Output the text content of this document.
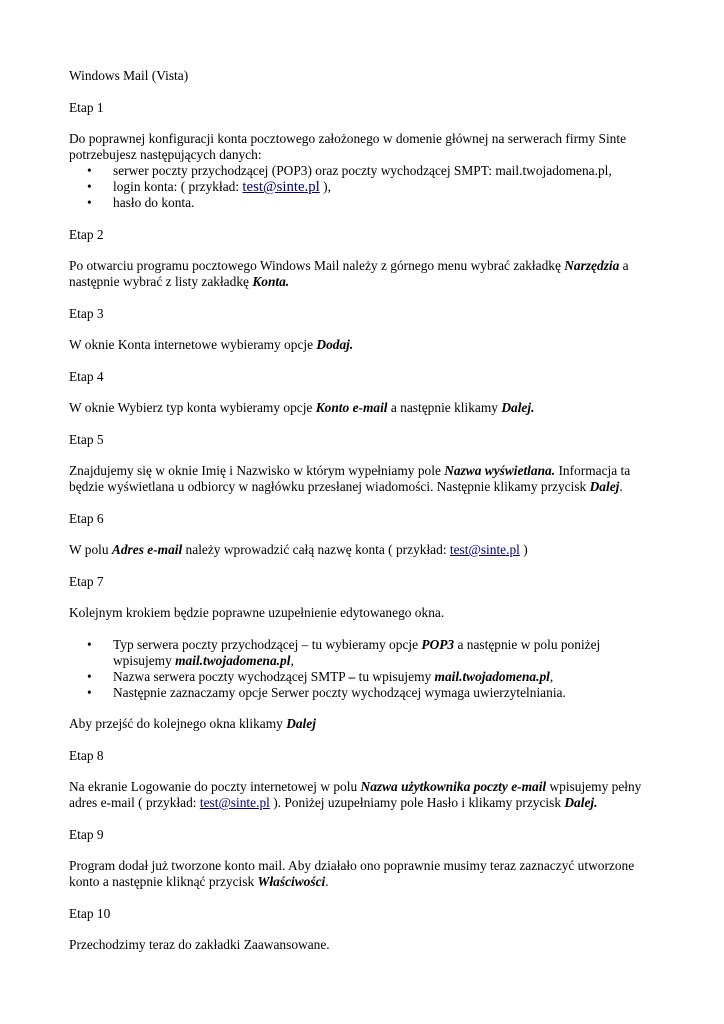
Windows Mail (Vista)

Etap 1

Do poprawnej konfiguracji konta pocztowego założonego w domenie głównej na serwerach firmy Sinte potrzebujesz następujących danych:

• serwer poczty przychodzącej (POP3) oraz poczty wychodzącej SMPT: mail.twojadomena.pl,
• login konta: ( przykład: test@sinte.pl ),
• hasło do konta.

Etap 2

Po otwarciu programu pocztowego Windows Mail należy z górnego menu wybrać zakładkę Narzędzia a następnie wybrać z listy zakładkę Konta.

Etap 3

W oknie Konta internetowe wybieramy opcje Dodaj.

Etap 4

W oknie Wybierz typ konta wybieramy opcje Konto e-mail a następnie klikamy Dalej.

Etap 5

Znajdujemy się w oknie Imię i Nazwisko w którym wypełniamy pole Nazwa wyświetlana. Informacja ta będzie wyświetlana u odbiorcy w nagłówku przesłanej wiadomości. Następnie klikamy przycisk Dalej.

Etap 6

W polu Adres e-mail należy wprowadzić całą nazwę konta ( przykład: test@sinte.pl )

Etap 7

Kolejnym krokiem będzie poprawne uzupełnienie edytowanego okna.

• Typ serwera poczty przychodzącej – tu wybieramy opcje POP3 a następnie w polu poniżej wpisujemy mail.twojadomena.pl,
• Nazwa serwera poczty wychodzącej SMTP – tu wpisujemy mail.twojadomena.pl,
• Następnie zaznaczamy opcje Serwer poczty wychodzącej wymaga uwierzytelniania.

Aby przejść do kolejnego okna klikamy Dalej

Etap 8

Na ekranie Logowanie do poczty internetowej w polu Nazwa użytkownika poczty e-mail wpisujemy pełny adres e-mail ( przykład: test@sinte.pl ). Poniżej uzupełniamy pole Hasło i klikamy przycisk Dalej.

Etap 9

Program dodał już tworzone konto mail. Aby działało ono poprawnie musimy teraz zaznaczyć utworzone konto a następnie kliknąć przycisk Właściwości.

Etap 10

Przechodzimy teraz do zakładki Zaawansowane.
